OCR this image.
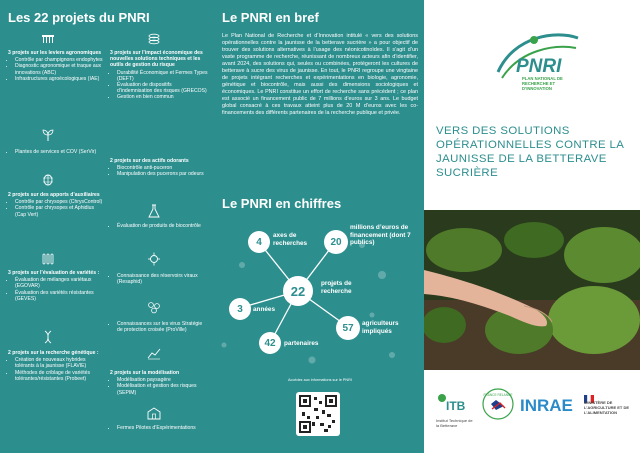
Les 22 projets du PNRI
3 projets sur les leviers agronomiques
• Contrôle par champignons endophytes
• Diagnostic agronomique et traque aux innovations (ABC)
• Infrastructures agroécologiques (IAE)
• Plantes de services et COV (SerVir)
2 projets sur des apports d’auxiliaires
• Contrôle par chrysopes (ChrysControl)
• Contrôle par chrysopes et Aphidius (Cap Vert)
3 projets sur l’évaluation de variétés :
• Évaluation de mélanges variétaux (EGOVAR)
• Évaluation des variétés résistantes (GEVES)
2 projets sur la recherche génétique :
• Création de nouveaux hybrides tolérants à la jaunisse (FLAVIE)
• Méthodes de criblage de variétés tolérantes/résistantes (Probeet)
3 projets sur l’impact économique des nouvelles solutions techniques et les outils de gestion du risque
• Durabilité Économique et Fermes Types (DEFT)
• Évaluation de dispositifs d’indemnisation des risques (GRECOS)
• Gestion en bien commun
2 projets sur des actifs odorants
• Biocontrôle anti-puceron
• Manipulation des pucerons par odeurs
• Évaluation de produits de biocontrôle
• Connaissance des réservoirs viraux (Resaphid)
• Connaissances sur les virus Stratégie de protection croisée (ProVille)
2 projets sur la modélisation
• Modélisation paysagère
• Modélisation et gestion des risques (SEPIM)
• Fermes Pilotes d’Expérimentations
Le PNRI en bref
Le Plan National de Recherche et d’Innovation intitulé « vers des solutions opérationnelles contre la jaunisse de la betterave sucrière » a pour objectif de trouver des solutions alternatives à l’usage des néonicotinoïdes. Il s’agit d’un vaste programme de recherche, réunissant de nombreux acteurs afin d’identifier, avant 2024, des solutions qui, seules ou combinées, protégeront les cultures de betterave à sucre des virus de jaunisse. En tout, le PNRI regroupe une vingtaine de projets intégrant recherches et expérimentations en biologie, agronomie, génétique et biocontrôle, mais aussi des dimensions sociologiques et économiques. Le PNRI constitue un effort de recherche sans précédent ; ce plan est associé un financement public de 7 millions d’euros sur 3 ans. Le budget global consacré à ces travaux atteint plus de 20 M d’euros avec les co-financements des différents partenaires de la recherche publique et privée.
Le PNRI en chiffres
22	projets de recherche
4
axes de recherches	20
millions d’euros de financement (dont 7 publics)
3	années
57	agriculteurs impliqués
42	partenaires
Accédez aux informations sur le PNRI
PNRI
PLAN NATIONAL DE RECHERCHE ET D’INNOVATION
VERS DES SOLUTIONS OPÉRATIONNELLES CONTRE LA JAUNISSE DE LA BETTERAVE SUCRIÈRE
ITB
Institut Technique de la Betterave
FRANCE RELANCE
INRAE	MINISTÈRE DE L’AGRICULTURE ET DE L’ALIMENTATION
